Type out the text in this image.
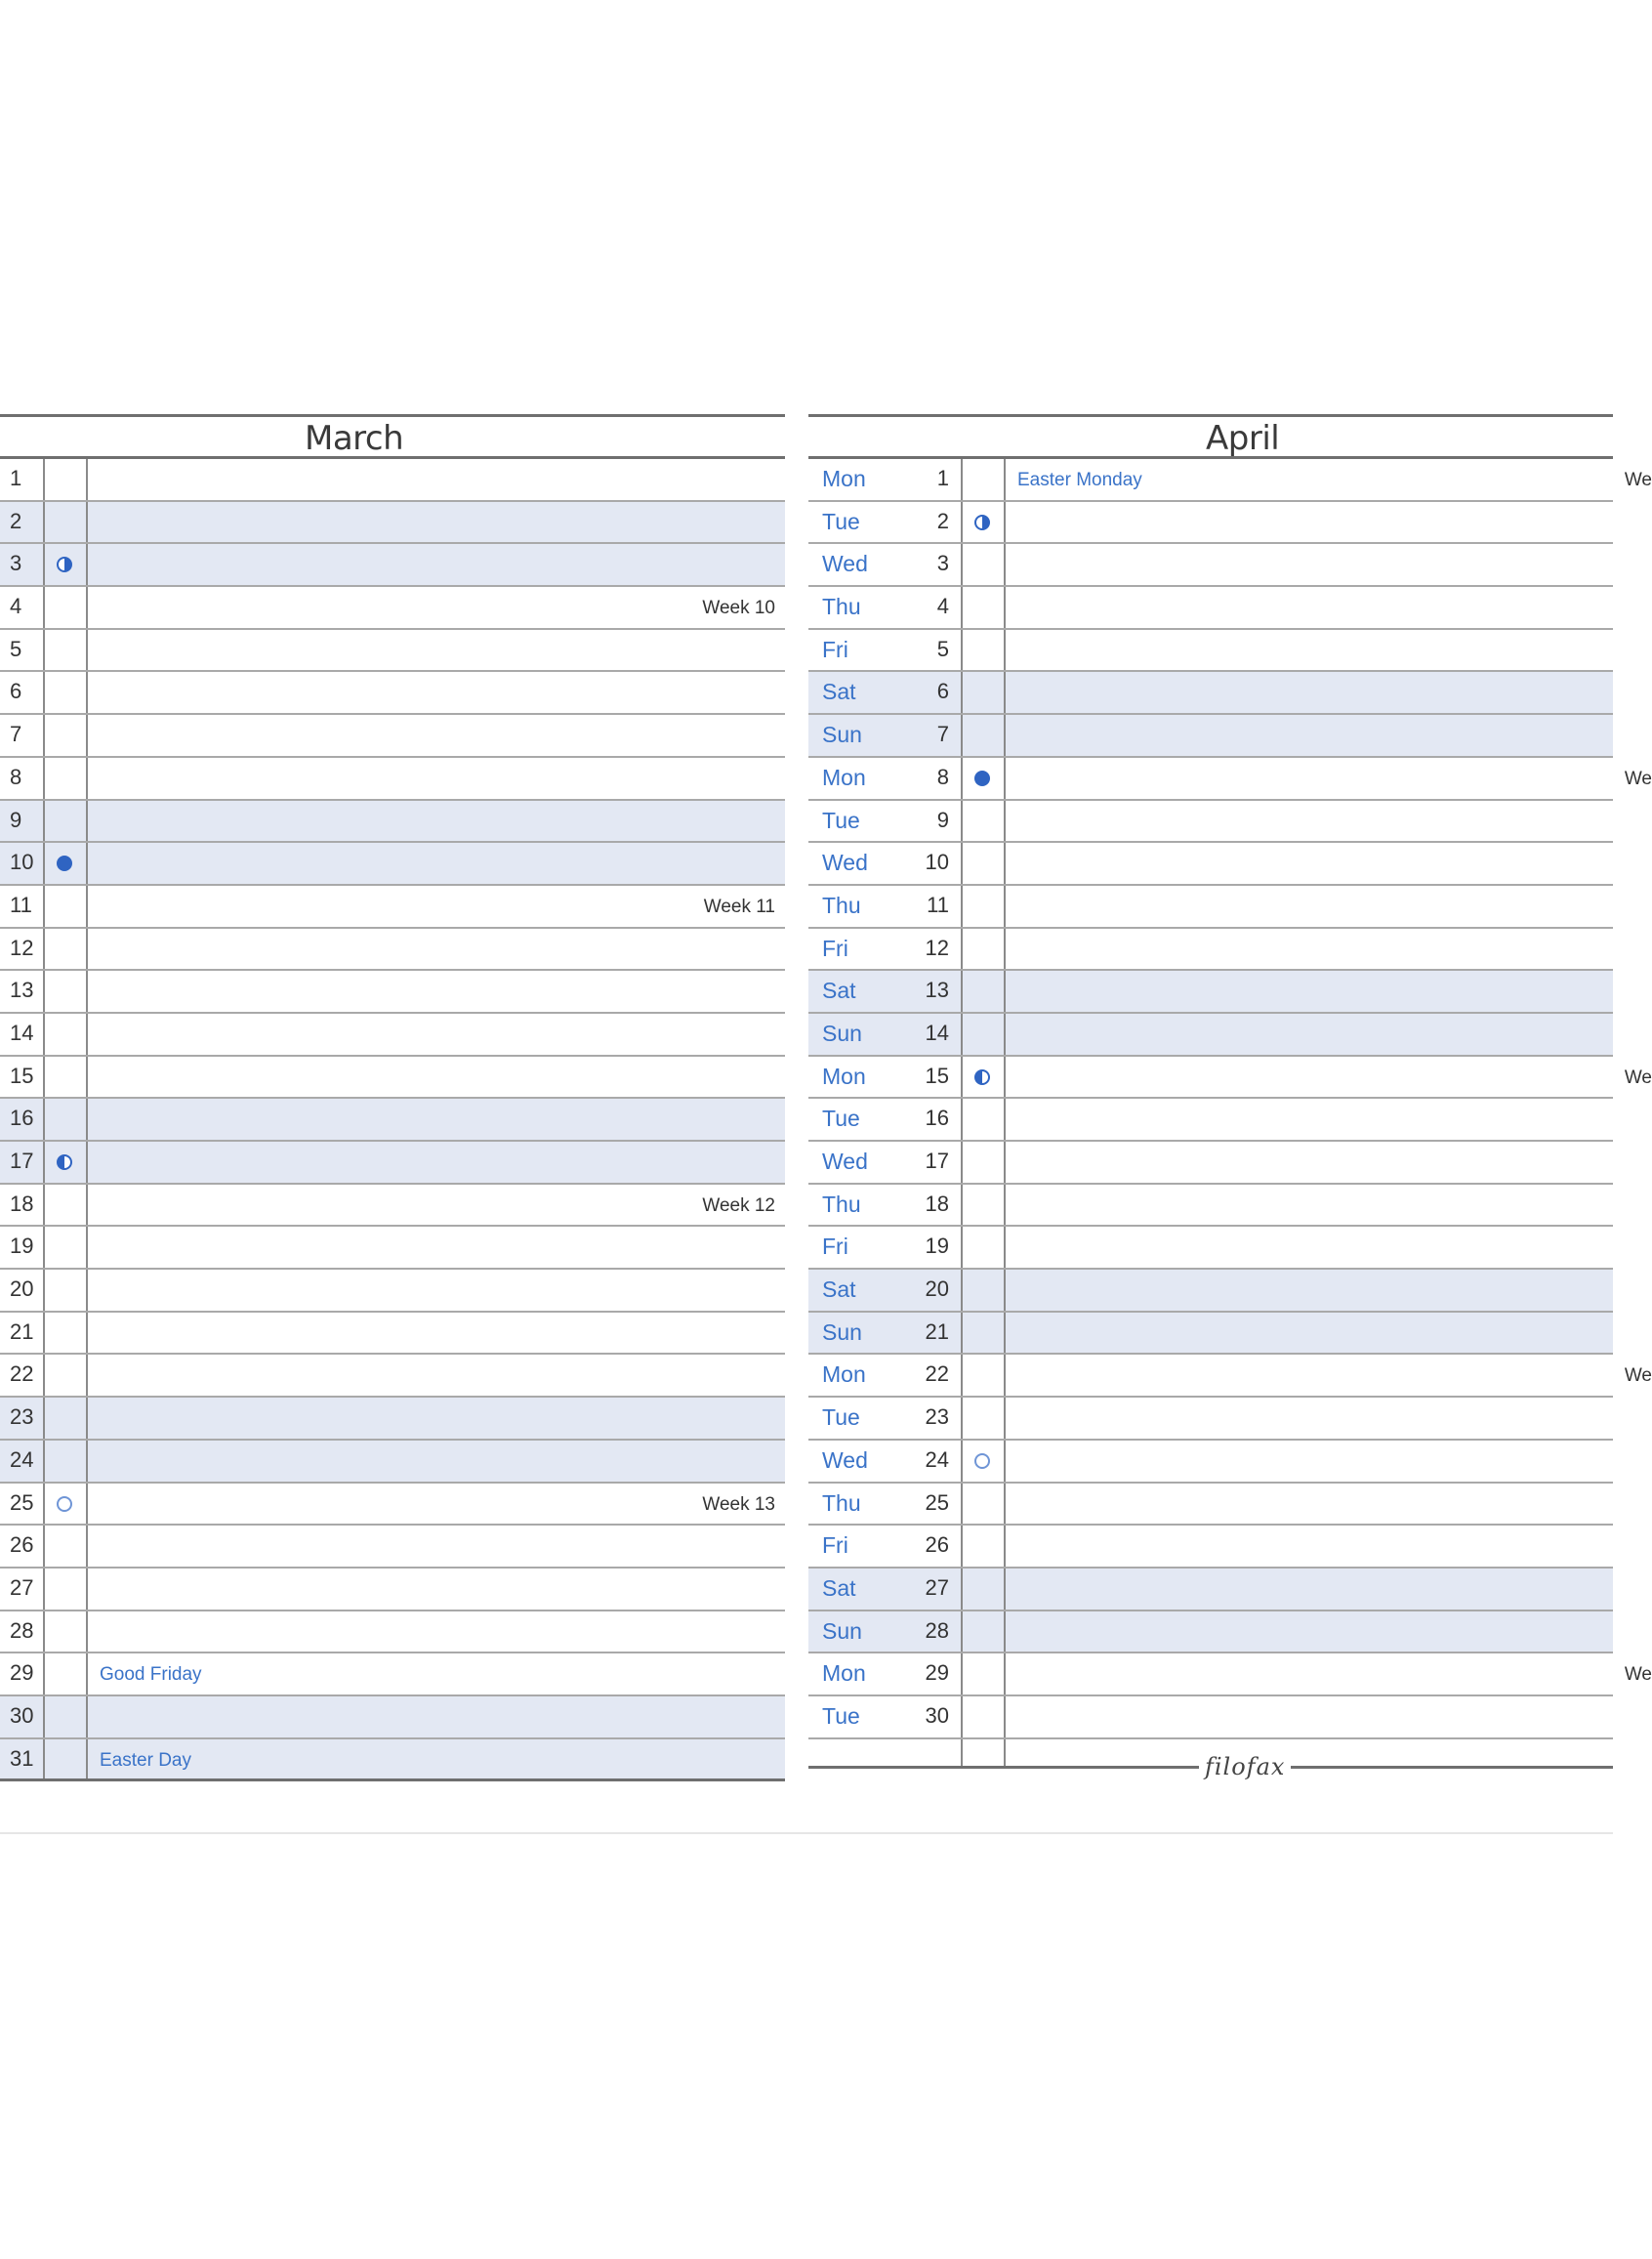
March
1
2
3
4	Week 10
5
6
7
8
9
10
11	Week 11
12
13
14
15
16
17
18	Week 12
19
20
21
22
23
24
25	Week 13
26
27
28
29	Good Friday
30
31	Easter Day
April
Mon	1	Easter Monday	We
Tue	2
Wed	3
Thu	4
Fri	5
Sat	6
Sun	7
Mon	8	We
Tue	9
Wed	10
Thu	11
Fri	12
Sat	13
Sun	14
Mon	15	We
Tue	16
Wed	17
Thu	18
Fri	19
Sat	20
Sun	21
Mon	22	We
Tue	23
Wed	24
Thu	25
Fri	26
Sat	27
Sun	28
Mon	29	We
Tue	30
filofax
